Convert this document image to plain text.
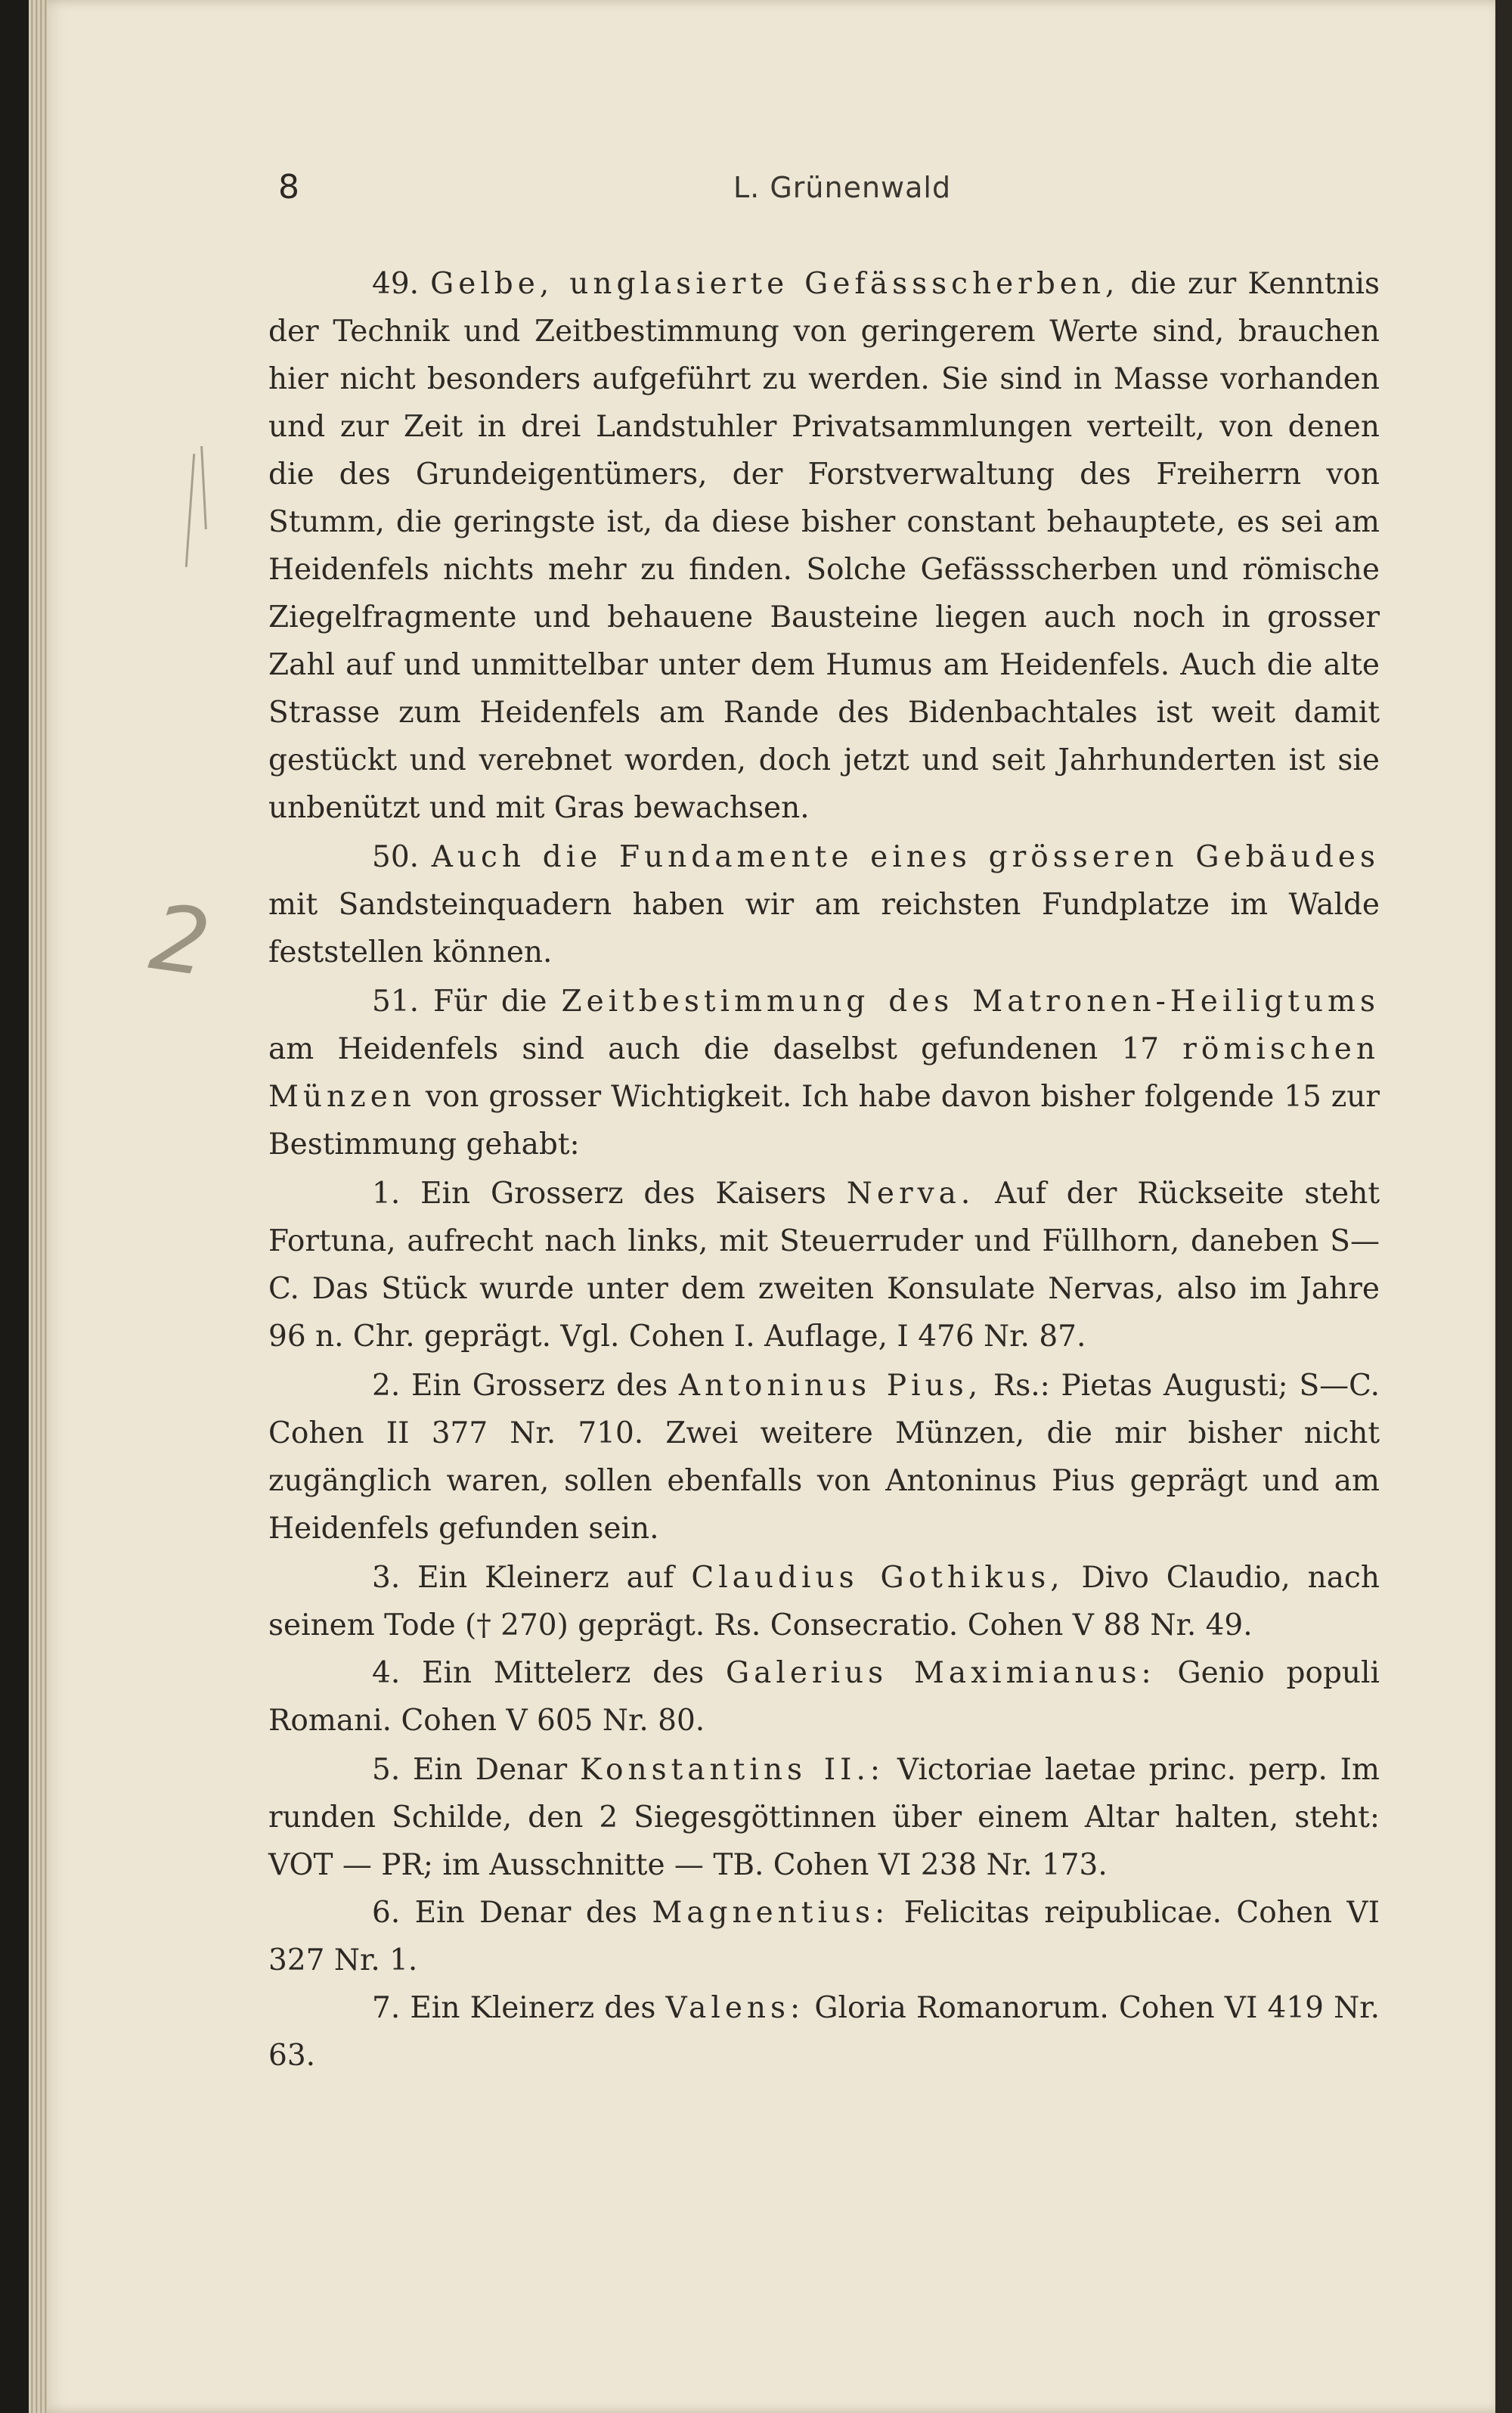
2
8	L. Grünenwald

49. Gelbe, unglasierte Gefässscherben, die zur Kenntnis der Technik und Zeitbestimmung von geringerem Werte sind, brauchen hier nicht besonders aufgeführt zu werden. Sie sind in Masse vorhanden und zur Zeit in drei Landstuhler Privatsammlungen verteilt, von denen die des Grundeigentümers, der Forstverwaltung des Freiherrn von Stumm, die geringste ist, da diese bisher constant behauptete, es sei am Heidenfels nichts mehr zu finden. Solche Gefässscherben und römische Ziegelfragmente und behauene Bausteine liegen auch noch in grosser Zahl auf und unmittelbar unter dem Humus am Heidenfels. Auch die alte Strasse zum Heidenfels am Rande des Bidenbachtales ist weit damit gestückt und verebnet worden, doch jetzt und seit Jahrhunderten ist sie unbenützt und mit Gras bewachsen.

50. Auch die Fundamente eines grösseren Gebäudes mit Sandsteinquadern haben wir am reichsten Fundplatze im Walde feststellen können.

51. Für die Zeitbestimmung des Matronen-Heiligtums am Heidenfels sind auch die daselbst gefundenen 17 römischen Münzen von grosser Wichtigkeit. Ich habe davon bisher folgende 15 zur Bestimmung gehabt:

1. Ein Grosserz des Kaisers Nerva. Auf der Rückseite steht Fortuna, aufrecht nach links, mit Steuerruder und Füllhorn, daneben S—C. Das Stück wurde unter dem zweiten Konsulate Nervas, also im Jahre 96 n. Chr. geprägt. Vgl. Cohen I. Auflage, I 476 Nr. 87.

2. Ein Grosserz des Antoninus Pius, Rs.: Pietas Augusti; S—C. Cohen II 377 Nr. 710. Zwei weitere Münzen, die mir bisher nicht zugänglich waren, sollen ebenfalls von Antoninus Pius geprägt und am Heidenfels gefunden sein.

3. Ein Kleinerz auf Claudius Gothikus, Divo Claudio, nach seinem Tode († 270) geprägt. Rs. Consecratio. Cohen V 88 Nr. 49.

4. Ein Mittelerz des Galerius Maximianus: Genio populi Romani. Cohen V 605 Nr. 80.

5. Ein Denar Konstantins II.: Victoriae laetae princ. perp. Im runden Schilde, den 2 Siegesgöttinnen über einem Altar halten, steht: VOT — PR; im Ausschnitte — TB. Cohen VI 238 Nr. 173.

6. Ein Denar des Magnentius: Felicitas reipublicae. Cohen VI 327 Nr. 1.

7. Ein Kleinerz des Valens: Gloria Romanorum. Cohen VI 419 Nr. 63.
